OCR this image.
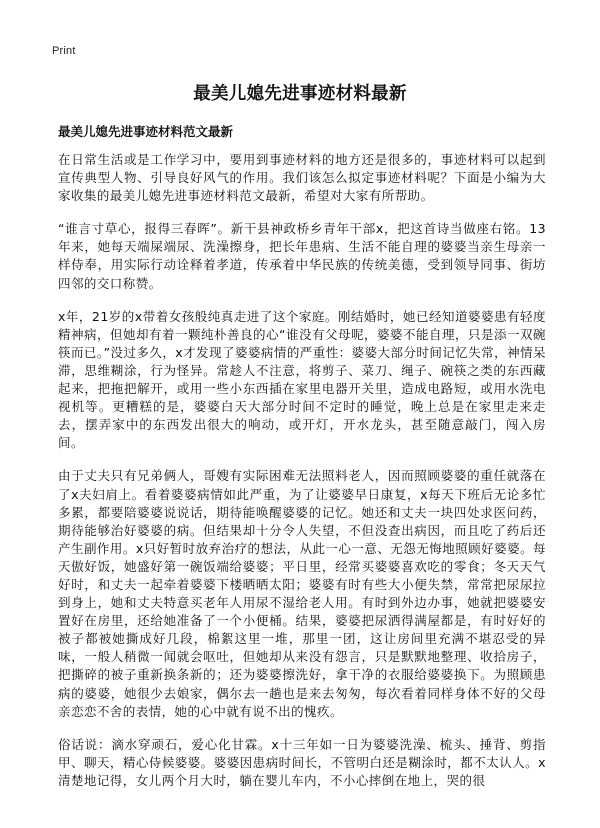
Print
最美儿媳先进事迹材料最新
最美儿媳先进事迹材料范文最新

在日常生活或是工作学习中，要用到事迹材料的地方还是很多的，事迹材料可以起到宣传典型人物、引导良好风气的作用。我们该怎么拟定事迹材料呢？下面是小编为大家收集的最美儿媳先进事迹材料范文最新，希望对大家有所帮助。

“谁言寸草心，报得三春晖”。新干县神政桥乡青年干部x，把这首诗当做座右铭。13年来，她每天端屎端尿、洗澡擦身，把长年患病、生活不能自理的婆婆当亲生母亲一样侍奉，用实际行动诠释着孝道，传承着中华民族的传统美德，受到领导同事、街坊四邻的交口称赞。

x年，21岁的x带着女孩般纯真走进了这个家庭。刚结婚时，她已经知道婆婆患有轻度精神病，但她却有着一颗纯朴善良的心“谁没有父母呢，婆婆不能自理，只是添一双碗筷而已。”没过多久，x才发现了婆婆病情的严重性：婆婆大部分时间记忆失常，神情呆滞，思维糊涂，行为怪异。常趁人不注意，将剪子、菜刀、绳子、碗筷之类的东西藏起来，把拖把解开，或用一些小东西插在家里电器开关里，造成电路短，或用水洗电视机等。更糟糕的是，婆婆白天大部分时间不定时的睡觉，晚上总是在家里走来走去，摆弄家中的东西发出很大的响动，或开灯，开水龙头，甚至随意敲门，闯入房间。

由于丈夫只有兄弟俩人，哥嫂有实际困难无法照料老人，因而照顾婆婆的重任就落在了x夫妇肩上。看着婆婆病情如此严重，为了让婆婆早日康复，x每天下班后无论多忙多累，都要陪婆婆说说话，期待能唤醒婆婆的记忆。她还和丈夫一块四处求医问药，期待能够治好婆婆的病。但结果却十分令人失望，不但没查出病因，而且吃了药后还产生副作用。x只好暂时放弃治疗的想法，从此一心一意、无怨无悔地照顾好婆婆。每天傲好饭，她盛好第一碗饭端给婆婆；平日里，经常买婆婆喜欢吃的零食；冬天天气好时，和丈夫一起牵着婆婆下楼晒晒太阳；婆婆有时有些大小便失禁，常常把尿尿拉到身上，她和丈夫特意买老年人用尿不湿给老人用。有时到外边办事，她就把婆婆安置好在房里，还给她准备了一个小便桶。结果，婆婆把尿洒得满屋都是，有时好好的被子都被她撕成好几段，棉絮这里一堆，那里一团，这让房间里充满不堪忍受的异味，一般人稍微一闻就会呕吐，但她却从来没有怨言，只是默默地整理、收拾房子，把撕碎的被子重新换条新的；还为婆婆擦洗好，拿干净的衣服给婆婆换下。为照顾患病的婆婆，她很少去娘家，偶尔去一趟也是来去匆匆，每次看着同样身体不好的父母亲恋恋不舍的表情，她的心中就有说不出的愧疚。

俗话说：滴水穿顽石，爱心化甘霖。x十三年如一日为婆婆洗澡、梳头、捶背、剪指甲、聊天，精心侍候婆婆。婆婆因患病时间长，不管明白还是糊涂时，都不太认人。x清楚地记得，女儿两个月大时，躺在婴儿车内，不小心摔倒在地上，哭的很
